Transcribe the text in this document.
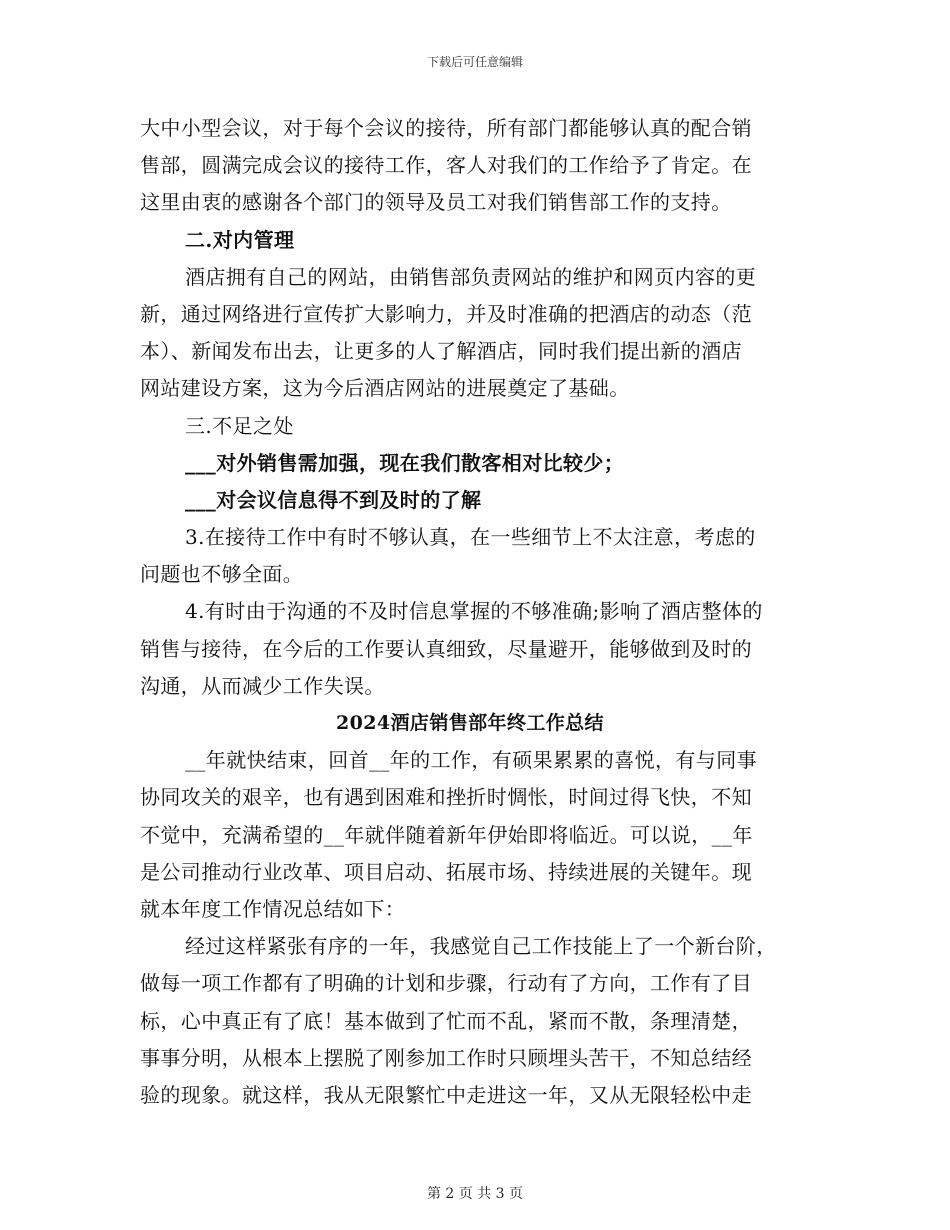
下载后可任意编辑
大中小型会议，对于每个会议的接待，所有部门都能够认真的配合销
售部，圆满完成会议的接待工作，客人对我们的工作给予了肯定。在
这里由衷的感谢各个部门的领导及员工对我们销售部工作的支持。
二.对内管理
酒店拥有自己的网站，由销售部负责网站的维护和网页内容的更
新，通过网络进行宣传扩大影响力，并及时准确的把酒店的动态（范
本）、新闻发布出去，让更多的人了解酒店，同时我们提出新的酒店
网站建设方案，这为今后酒店网站的进展奠定了基础。
三.不足之处
___对外销售需加强，现在我们散客相对比较少；
___对会议信息得不到及时的了解
3.在接待工作中有时不够认真，在一些细节上不太注意，考虑的
问题也不够全面。
4.有时由于沟通的不及时信息掌握的不够准确;影响了酒店整体的
销售与接待，在今后的工作要认真细致，尽量避开，能够做到及时的
沟通，从而减少工作失误。
2024酒店销售部年终工作总结
__年就快结束，回首__年的工作，有硕果累累的喜悦，有与同事
协同攻关的艰辛，也有遇到困难和挫折时惆怅，时间过得飞快，不知
不觉中，充满希望的__年就伴随着新年伊始即将临近。可以说，__年
是公司推动行业改革、项目启动、拓展市场、持续进展的关键年。现
就本年度工作情况总结如下：
经过这样紧张有序的一年，我感觉自己工作技能上了一个新台阶，
做每一项工作都有了明确的计划和步骤，行动有了方向，工作有了目
标，心中真正有了底！基本做到了忙而不乱，紧而不散，条理清楚，
事事分明，从根本上摆脱了刚参加工作时只顾埋头苦干，不知总结经
验的现象。就这样，我从无限繁忙中走进这一年，又从无限轻松中走
第 2 页 共 3 页
